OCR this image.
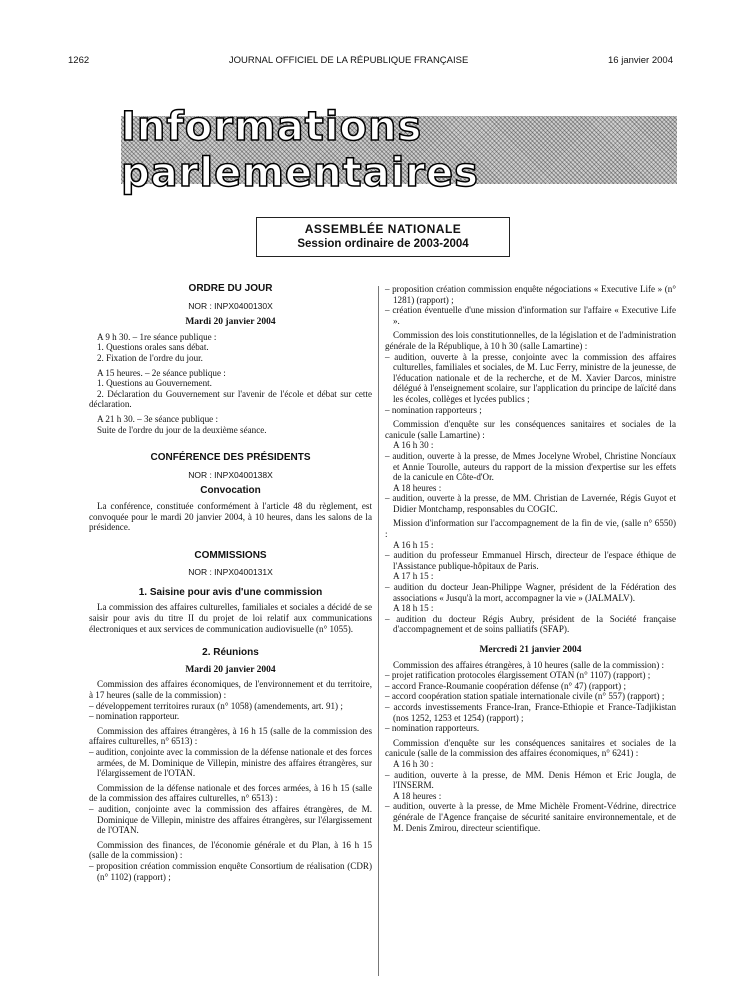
1262	JOURNAL OFFICIEL DE LA RÉPUBLIQUE FRANÇAISE	16 janvier 2004
Informations parlementaires
ASSEMBLÉE NATIONALE
Session ordinaire de 2003-2004
ORDRE DU JOUR
NOR : INPX0400130X
Mardi 20 janvier 2004

A 9 h 30. – 1re séance publique :

1. Questions orales sans débat.

2. Fixation de l'ordre du jour.

A 15 heures. – 2e séance publique :

1. Questions au Gouvernement.

2. Déclaration du Gouvernement sur l'avenir de l'école et débat sur cette déclaration.

A 21 h 30. – 3e séance publique :

Suite de l'ordre du jour de la deuxième séance.

CONFÉRENCE DES PRÉSIDENTS
NOR : INPX0400138X
Convocation

La conférence, constituée conformément à l'article 48 du règlement, est convoquée pour le mardi 20 janvier 2004, à 10 heures, dans les salons de la présidence.

COMMISSIONS
NOR : INPX0400131X
1. Saisine pour avis d'une commission

La commission des affaires culturelles, familiales et sociales a décidé de se saisir pour avis du titre II du projet de loi relatif aux communications électroniques et aux services de communication audiovisuelle (n° 1055).

2. Réunions
Mardi 20 janvier 2004

Commission des affaires économiques, de l'environnement et du territoire, à 17 heures (salle de la commission) :

– développement territoires ruraux (n° 1058) (amendements, art. 91) ;

– nomination rapporteur.

Commission des affaires étrangères, à 16 h 15 (salle de la commission des affaires culturelles, n° 6513) :

– audition, conjointe avec la commission de la défense nationale et des forces armées, de M. Dominique de Villepin, ministre des affaires étrangères, sur l'élargissement de l'OTAN.

Commission de la défense nationale et des forces armées, à 16 h 15 (salle de la commission des affaires culturelles, n° 6513) :

– audition, conjointe avec la commission des affaires étrangères, de M. Dominique de Villepin, ministre des affaires étrangères, sur l'élargissement de l'OTAN.

Commission des finances, de l'économie générale et du Plan, à 16 h 15 (salle de la commission) :

– proposition création commission enquête Consortium de réalisation (CDR) (n° 1102) (rapport) ;

– proposition création commission enquête négociations « Executive Life » (n° 1281) (rapport) ;

– création éventuelle d'une mission d'information sur l'affaire « Executive Life ».

Commission des lois constitutionnelles, de la législation et de l'administration générale de la République, à 10 h 30 (salle Lamartine) :

– audition, ouverte à la presse, conjointe avec la commission des affaires culturelles, familiales et sociales, de M. Luc Ferry, ministre de la jeunesse, de l'éducation nationale et de la recherche, et de M. Xavier Darcos, ministre délégué à l'enseignement scolaire, sur l'application du principe de laïcité dans les écoles, collèges et lycées publics ;

– nomination rapporteurs ;

Commission d'enquête sur les conséquences sanitaires et sociales de la canicule (salle Lamartine) :

A 16 h 30 :

– audition, ouverte à la presse, de Mmes Jocelyne Wrobel, Christine Noncíaux et Annie Tourolle, auteurs du rapport de la mission d'expertise sur les effets de la canicule en Côte-d'Or.

A 18 heures :

– audition, ouverte à la presse, de MM. Christian de Lavernée, Régis Guyot et Didier Montchamp, responsables du COGIC.

Mission d'information sur l'accompagnement de la fin de vie, (salle n° 6550) :

A 16 h 15 :

– audition du professeur Emmanuel Hirsch, directeur de l'espace éthique de l'Assistance publique-hôpitaux de Paris.

A 17 h 15 :

– audition du docteur Jean-Philippe Wagner, président de la Fédération des associations « Jusqu'à la mort, accompagner la vie » (JALMALV).

A 18 h 15 :

– audition du docteur Régis Aubry, président de la Société française d'accompagnement et de soins palliatifs (SFAP).

Mercredi 21 janvier 2004

Commission des affaires étrangères, à 10 heures (salle de la commission) :

– projet ratification protocoles élargissement OTAN (n° 1107) (rapport) ;

– accord France-Roumanie coopération défense (n° 47) (rapport) ;

– accord coopération station spatiale internationale civile (n° 557) (rapport) ;

– accords investissements France-Iran, France-Ethiopie et France-Tadjikistan (nos 1252, 1253 et 1254) (rapport) ;

– nomination rapporteurs.

Commission d'enquête sur les conséquences sanitaires et sociales de la canicule (salle de la commission des affaires économiques, n° 6241) :

A 16 h 30 :

– audition, ouverte à la presse, de MM. Denis Hémon et Eric Jougla, de l'INSERM.

A 18 heures :

– audition, ouverte à la presse, de Mme Michèle Froment-Védrine, directrice générale de l'Agence française de sécurité sanitaire environnementale, et de M. Denis Zmirou, directeur scientifique.
